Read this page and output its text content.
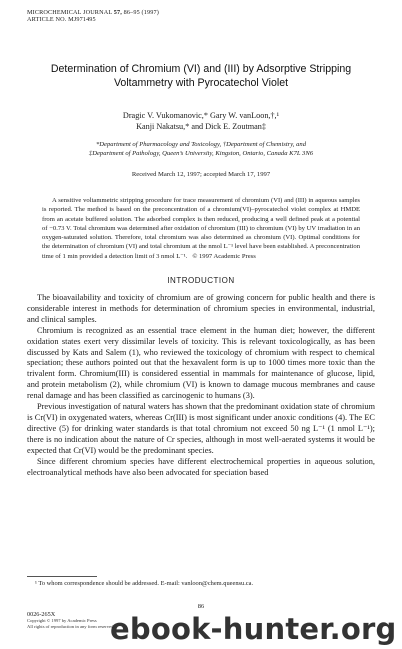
MICROCHEMICAL JOURNAL 57, 86–95 (1997)
ARTICLE NO. MJ971495
Determination of Chromium (VI) and (III) by Adsorptive Stripping Voltammetry with Pyrocatechol Violet
Dragic V. Vukomanovic,* Gary W. vanLoon,†,¹
Kanji Nakatsu,* and Dick E. Zoutman‡
*Department of Pharmacology and Toxicology, †Department of Chemistry, and
‡Department of Pathology, Queen’s University, Kingston, Ontario, Canada K7L 3N6
Received March 12, 1997; accepted March 17, 1997
A sensitive voltammetric stripping procedure for trace measurement of chromium (VI) and (III) in aqueous samples is reported. The method is based on the preconcentration of a chromium(VI)–pyrocatechol violet complex at HMDE from an acetate buffered solution. The adsorbed complex is then reduced, producing a well defined peak at a potential of −0.73 V. Total chromium was determined after oxidation of chromium (III) to chromium (VI) by UV irradiation in an oxygen-saturated solution. Therefore, total chromium was also determined as chromium (VI). Optimal conditions for the determination of chromium (VI) and total chromium at the nmol L⁻¹ level have been established. A preconcentration time of 1 min provided a detection limit of 3 nmol L⁻¹. © 1997 Academic Press
INTRODUCTION

The bioavailability and toxicity of chromium are of growing concern for public health and there is considerable interest in methods for determination of chromium species in environmental, industrial, and clinical samples.

Chromium is recognized as an essential trace element in the human diet; however, the different oxidation states exert very dissimilar levels of toxicity. This is relevant toxicologically, as has been discussed by Kats and Salem (1), who reviewed the toxicology of chromium with respect to chemical speciation; these authors pointed out that the hexavalent form is up to 1000 times more toxic than the trivalent form. Chromium(III) is considered essential in mammals for maintenance of glucose, lipid, and protein metabolism (2), while chromium (VI) is known to damage mucous membranes and cause renal damage and has been classified as carcinogenic to humans (3).

Previous investigation of natural waters has shown that the predominant oxidation state of chromium is Cr(VI) in oxygenated waters, whereas Cr(III) is most significant under anoxic conditions (4). The EC directive (5) for drinking water standards is that total chromium not exceed 50 ng L⁻¹ (1 nmol L⁻¹); there is no indication about the nature of Cr species, although in most well-aerated systems it would be expected that Cr(VI) would be the predominant species.

Since different chromium species have different electrochemical properties in aqueous solution, electroanalytical methods have also been advocated for speciation based

¹ To whom correspondence should be addressed. E-mail: vanloon@chem.queensu.ca.
86
0026-265X
Copyright © 1997 by Academic Press
All rights of reproduction in any form reserved.
ebook-hunter.org
